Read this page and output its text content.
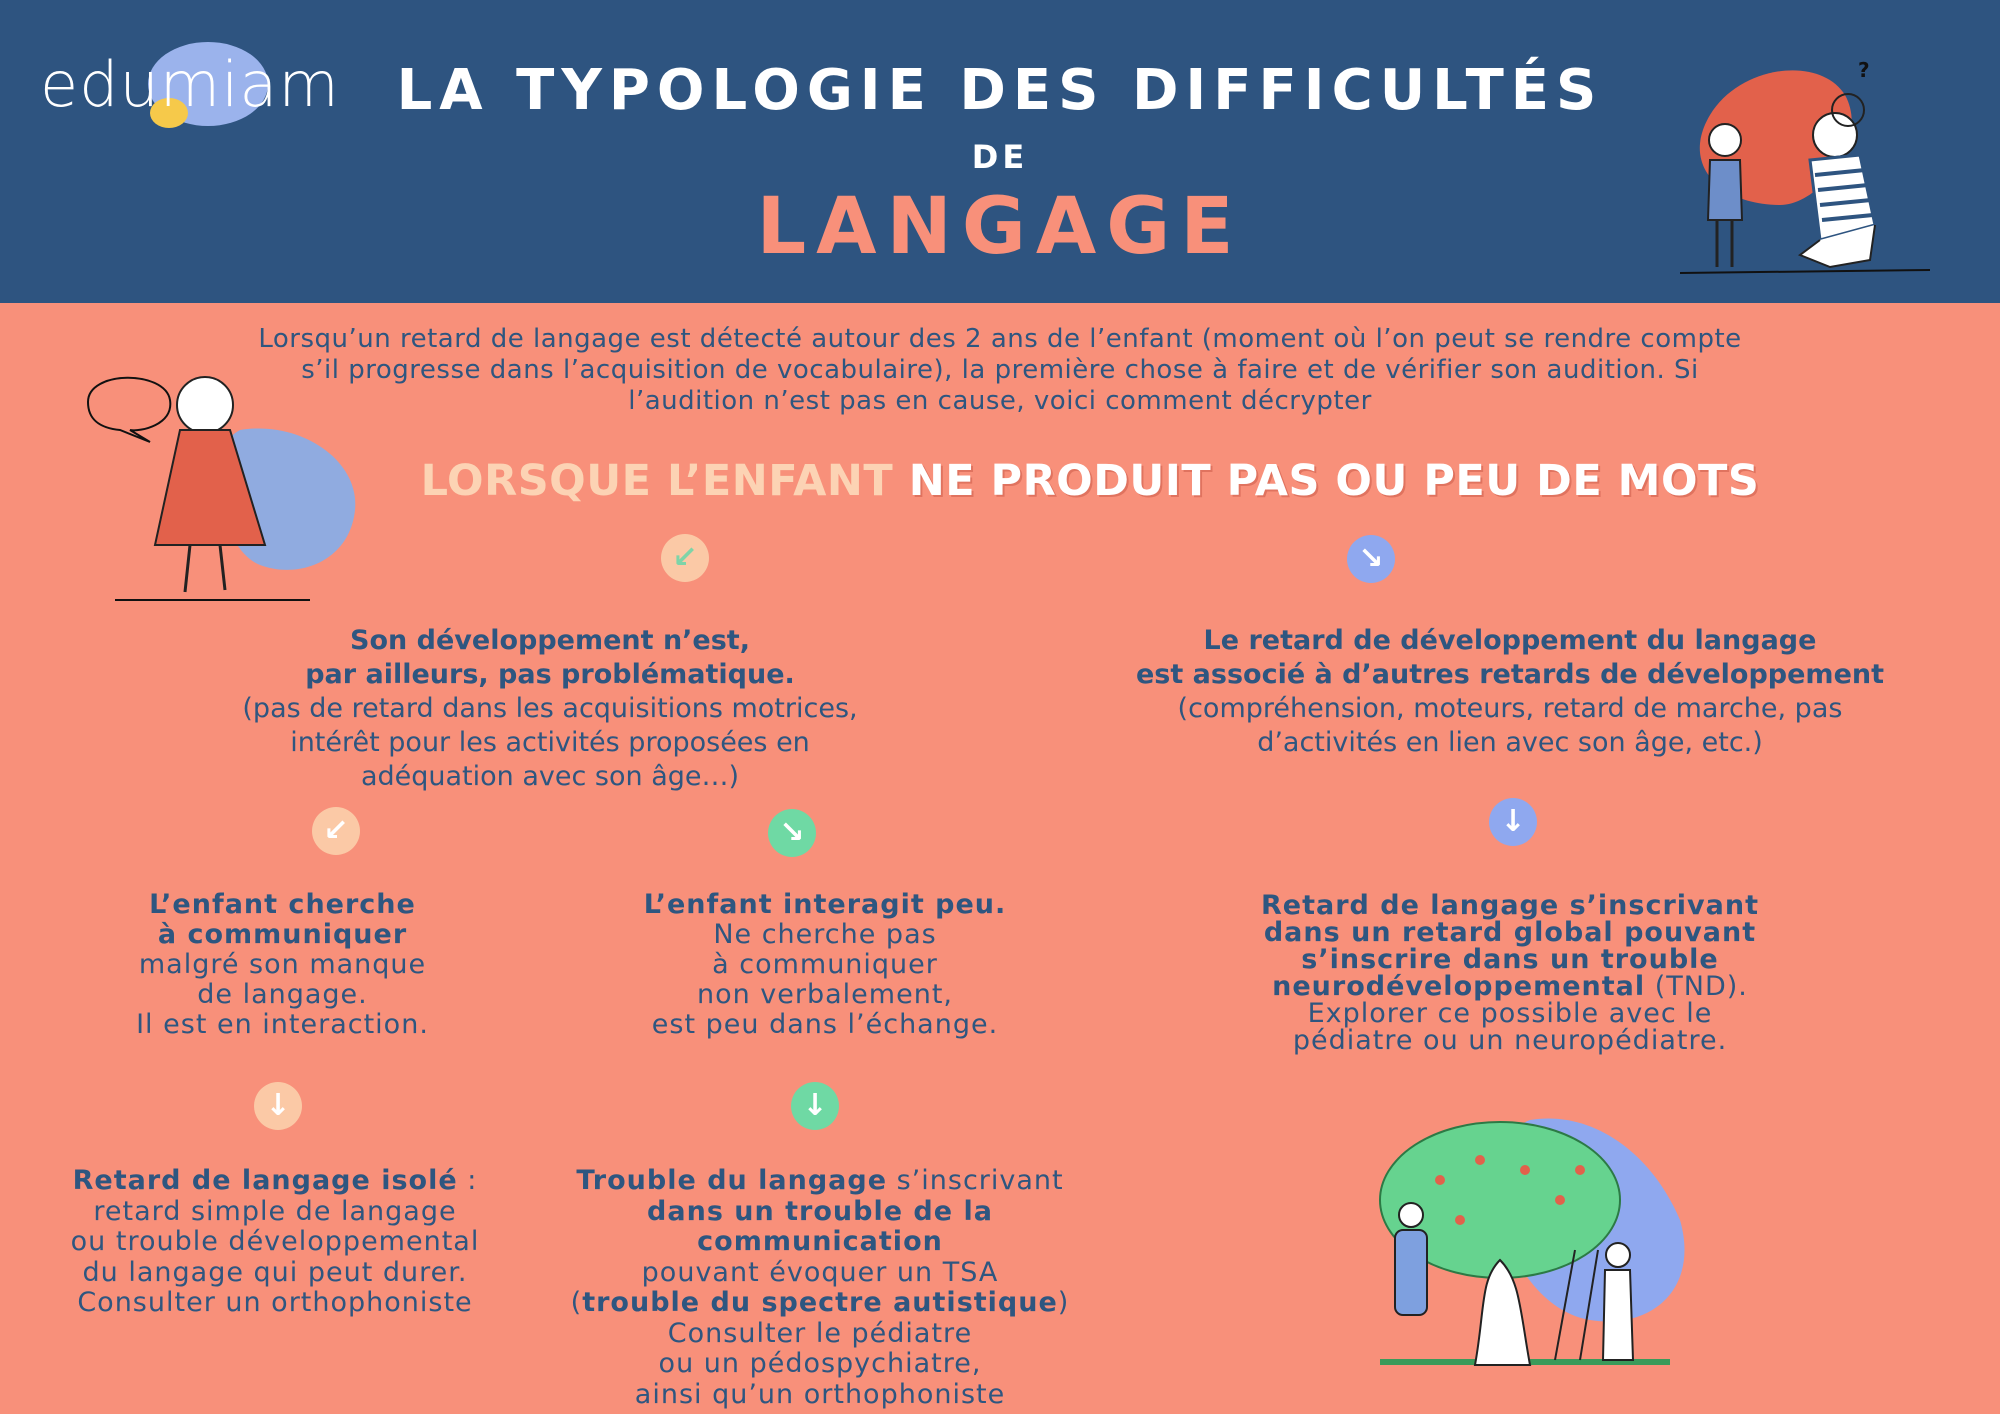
edumiam	LA TYPOLOGIE DES DIFFICULTÉS
DE
LANGAGE
?
Lorsqu’un retard de langage est détecté autour des 2 ans de l’enfant (moment où l’on peut se rendre compte
s’il progresse dans l’acquisition de vocabulaire), la première chose à faire et de vérifier son audition. Si
l’audition n’est pas en cause, voici comment décrypter
LORSQUE L’ENFANT NE PRODUIT PAS OU PEU DE MOTS
↙	↘
Son développement n’est,
par ailleurs, pas problématique.
(pas de retard dans les acquisitions motrices,
intérêt pour les activités proposées en
adéquation avec son âge…)
Le retard de développement du langage
est associé à d’autres retards de développement
(compréhension, moteurs, retard de marche, pas
d’activités en lien avec son âge, etc.)
↙	↘	↓
L’enfant cherche
à communiquer
malgré son manque
de langage.
Il est en interaction.
L’enfant interagit peu.
Ne cherche pas
à communiquer
non verbalement,
est peu dans l’échange.
Retard de langage s’inscrivant
dans un retard global pouvant
s’inscrire dans un trouble
neurodéveloppemental (TND).
Explorer ce possible avec le
pédiatre ou un neuropédiatre.
↓	↓
Retard de langage isolé :
retard simple de langage
ou trouble développemental
du langage qui peut durer.
Consulter un orthophoniste
Trouble du langage s’inscrivant
dans un trouble de la communication
pouvant évoquer un TSA
(trouble du spectre autistique)
Consulter le pédiatre
ou un pédospychiatre,
ainsi qu’un orthophoniste
